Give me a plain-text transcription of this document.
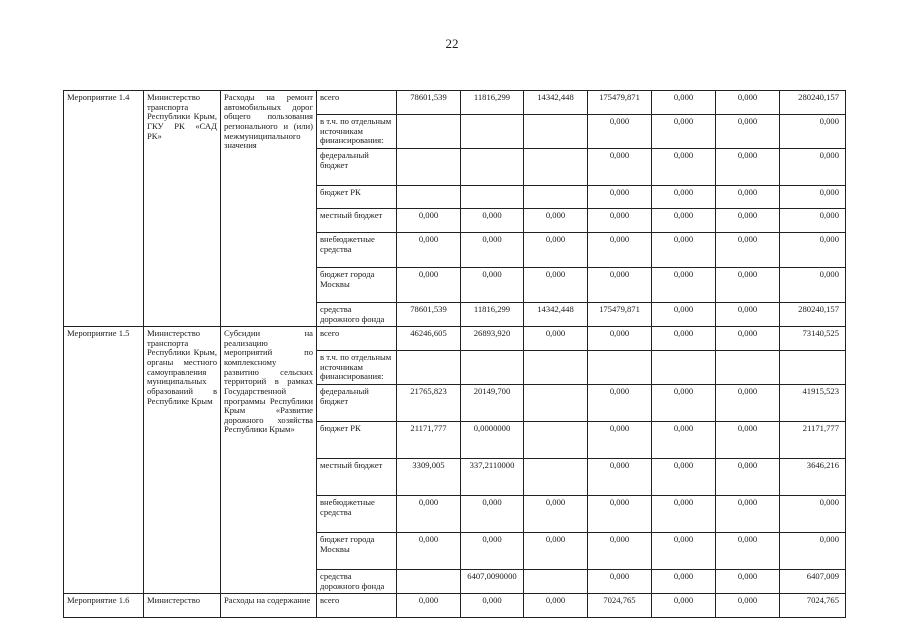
22
Мероприятие 1.4	Министерство транспорта Республики Крым, ГКУ РК «САД РК»	Расходы на ремонт автомобильных дорог общего пользования регионального и (или) межмуниципального значения	всего	78601,539	11816,299	14342,448	175479,871	0,000	0,000	280240,157
			в т.ч. по отдельным источникам финансирования:				0,000	0,000	0,000	0,000
			федеральный бюджет				0,000	0,000	0,000	0,000
			бюджет РК				0,000	0,000	0,000	0,000
			местный бюджет	0,000	0,000	0,000	0,000	0,000	0,000	0,000
			внебюджетные средства	0,000	0,000	0,000	0,000	0,000	0,000	0,000
			бюджет города Москвы	0,000	0,000	0,000	0,000	0,000	0,000	0,000
			средства дорожного фонда	78601,539	11816,299	14342,448	175479,871	0,000	0,000	280240,157
Мероприятие 1.5	Министерство транспорта Республики Крым, органы местного самоуправления муниципальных образований в Республике Крым	Субсидии на реализацию мероприятий по комплексному развитию сельских территорий в рамках Государственной программы Республики Крым «Развитие дорожного хозяйства Республики Крым»	всего	46246,605	26893,920	0,000	0,000	0,000	0,000	73140,525
			в т.ч. по отдельным источникам финансирования:							
			федеральный бюджет	21765,823	20149,700		0,000	0,000	0,000	41915,523
			бюджет РК	21171,777	0,0000000		0,000	0,000	0,000	21171,777
			местный бюджет	3309,005	337,2110000		0,000	0,000	0,000	3646,216
			внебюджетные средства	0,000	0,000	0,000	0,000	0,000	0,000	0,000
			бюджет города Москвы	0,000	0,000	0,000	0,000	0,000	0,000	0,000
			средства дорожного фонда		6407,0090000		0,000	0,000	0,000	6407,009
Мероприятие 1.6	Министерство	Расходы на содержание	всего	0,000	0,000	0,000	7024,765	0,000	0,000	7024,765
